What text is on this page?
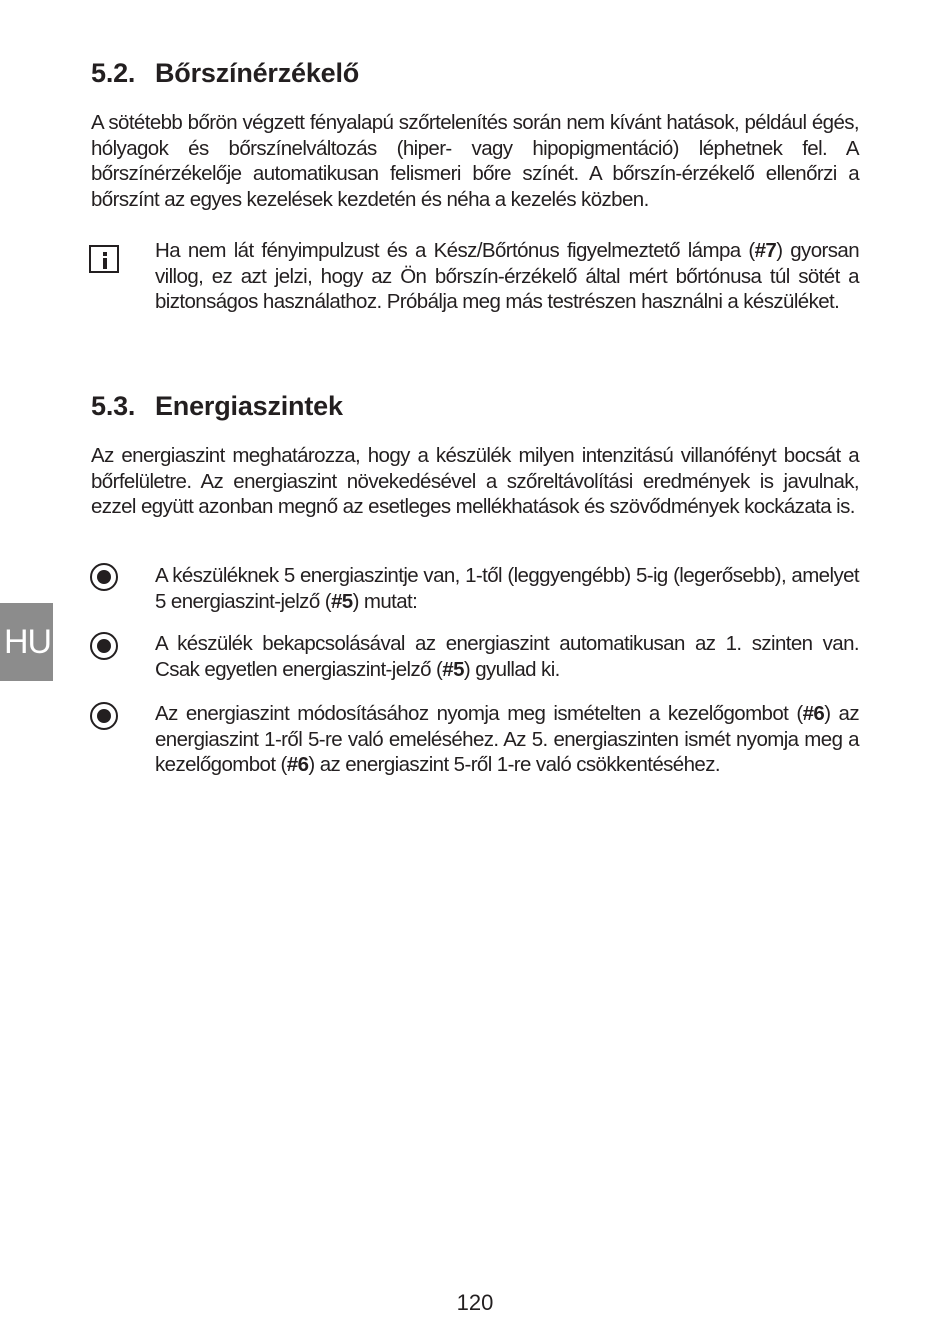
5.2. Bőrszínérzékelő
A sötétebb bőrön végzett fényalapú szőrtelenítés során nem kívánt hatások, például égés, hólyagok és bőrszínelváltozás (hiper- vagy hipopigmentáció) léphetnek fel. A bőrszínérzékelője automatikusan felismeri bőre színét. A bőrszín-érzékelő ellenőrzi a bőrszínt az egyes kezelések kezdetén és néha a kezelés közben.
Ha nem lát fényimpulzust és a Kész/Bőrtónus figyelmeztető lámpa (#7) gyorsan villog, ez azt jelzi, hogy az Ön bőrszín-érzékelő által mért bőrtónusa túl sötét a biztonságos használathoz. Próbálja meg más testrészen használni a készüléket.
5.3. Energiaszintek
Az energiaszint meghatározza, hogy a készülék milyen intenzitású villanófényt bocsát a bőrfelületre. Az energiaszint növekedésével a szőreltávolítási eredmények is javulnak, ezzel együtt azonban megnő az esetleges mellékhatások és szövődmények kockázata is.
A készüléknek 5 energiaszintje van, 1-től (leggyengébb) 5-ig (legerősebb), amelyet 5 energiaszint-jelző (#5) mutat:
A készülék bekapcsolásával az energiaszint automatikusan az 1. szinten van. Csak egyetlen energiaszint-jelző (#5) gyullad ki.
Az energiaszint módosításához nyomja meg ismételten a kezelőgombot (#6) az energiaszint 1-ről 5-re való emeléséhez. Az 5. energiaszinten ismét nyomja meg a kezelőgombot (#6) az energiaszint 5-ről 1-re való csökkentéséhez.
HU
120
